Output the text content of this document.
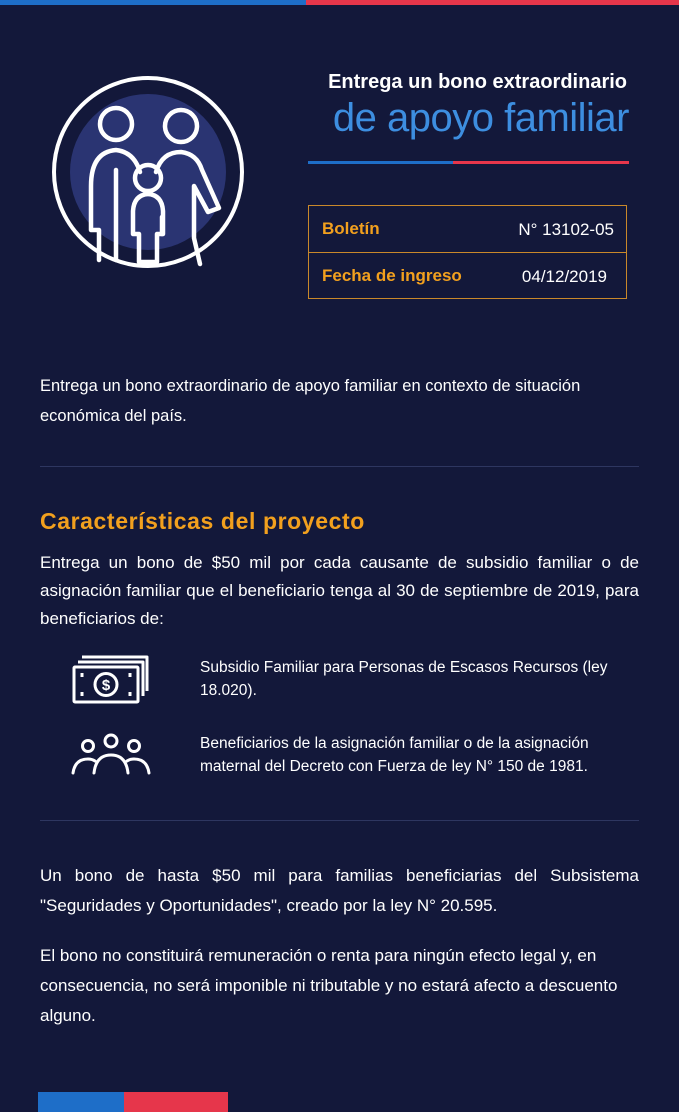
Entrega un bono extraordinario
de apoyo familiar
Boletín	N° 13102-05
Fecha de ingreso	04/12/2019
Entrega un bono extraordinario de apoyo familiar en contexto de situación económica del país.
Características del proyecto
Entrega un bono de $50 mil por cada causante de subsidio familiar o de asignación familiar que el beneficiario tenga al 30 de septiembre de 2019, para beneficiarios de:
$
Subsidio Familiar para Personas de Escasos Recursos (ley 18.020).
Beneficiarios de la asignación familiar o de la asignación maternal del Decreto con Fuerza de ley N° 150 de 1981.
Un bono de hasta $50 mil para familias beneficiarias del Subsistema "Seguridades y Oportunidades", creado por la ley N° 20.595.
El bono no constituirá remuneración o renta para ningún efecto legal y, en consecuencia, no será imponible ni tributable y no estará afecto a descuento alguno.
